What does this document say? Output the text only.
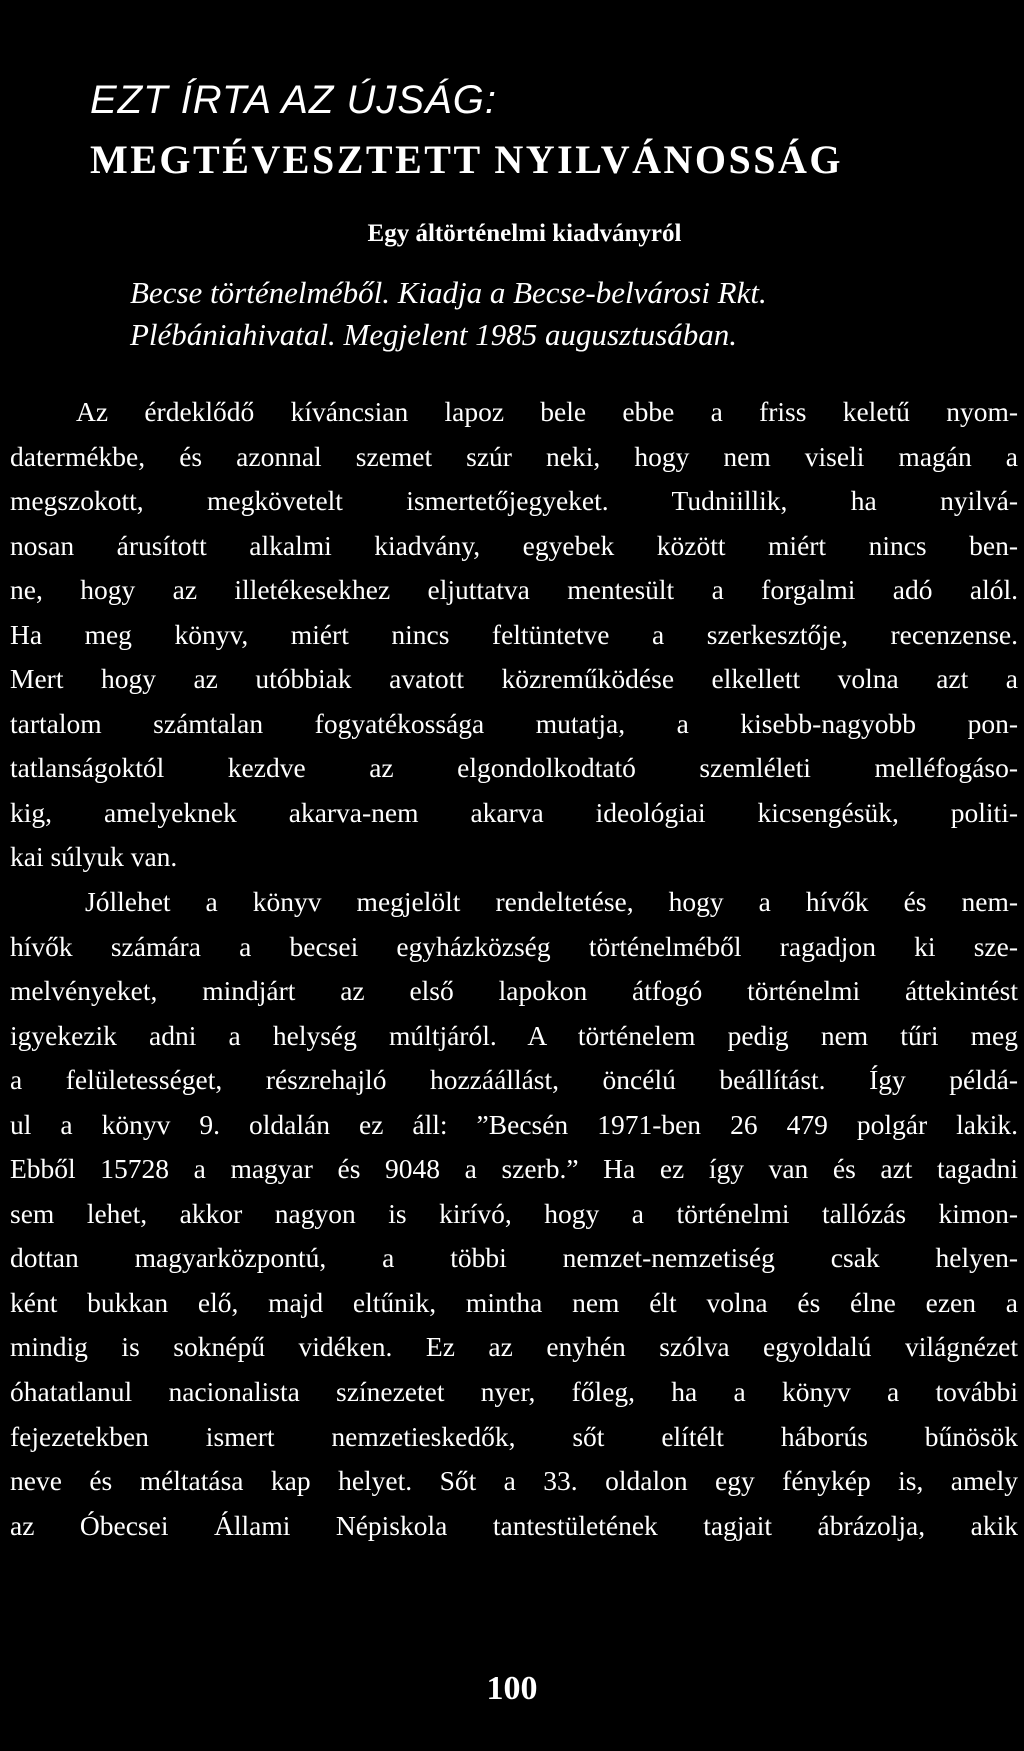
EZT ÍRTA AZ ÚJSÁG:
MEGTÉVESZTETT NYILVÁNOSSÁG
Egy áltörténelmi kiadványról
Becse történelméből. Kiadja a Becse-belvárosi Rkt.
Plébániahivatal. Megjelent 1985 augusztusában.
Az érdeklődő kíváncsian lapoz bele ebbe a friss keletű nyom-
datermékbe, és azonnal szemet szúr neki, hogy nem viseli magán a
megszokott, megkövetelt ismertetőjegyeket. Tudniillik, ha nyilvá-
nosan árusított alkalmi kiadvány, egyebek között miért nincs ben-
ne, hogy az illetékesekhez eljuttatva mentesült a forgalmi adó alól.
Ha meg könyv, miért nincs feltüntetve a szerkesztője, recenzense.
Mert hogy az utóbbiak avatott közreműködése elkellett volna azt a
tartalom számtalan fogyatékossága mutatja, a kisebb-nagyobb pon-
tatlanságoktól kezdve az elgondolkodtató szemléleti melléfogáso-
kig, amelyeknek akarva-nem akarva ideológiai kicsengésük, politi-
kai súlyuk van.
Jóllehet a könyv megjelölt rendeltetése, hogy a hívők és nem-
hívők számára a becsei egyházközség történelméből ragadjon ki sze-
melvényeket, mindjárt az első lapokon átfogó történelmi áttekintést
igyekezik adni a helység múltjáról. A történelem pedig nem tűri meg
a felületességet, részrehajló hozzáállást, öncélú beállítást. Így példá-
ul a könyv 9. oldalán ez áll: ”Becsén 1971-ben 26 479 polgár lakik.
Ebből 15728 a magyar és 9048 a szerb.” Ha ez így van és azt tagadni
sem lehet, akkor nagyon is kirívó, hogy a történelmi tallózás kimon-
dottan magyarközpontú, a többi nemzet-nemzetiség csak helyen-
ként bukkan elő, majd eltűnik, mintha nem élt volna és élne ezen a
mindig is soknépű vidéken. Ez az enyhén szólva egyoldalú világnézet
óhatatlanul nacionalista színezetet nyer, főleg, ha a könyv a további
fejezetekben ismert nemzetieskedők, sőt elítélt háborús bűnösök
neve és méltatása kap helyet. Sőt a 33. oldalon egy fénykép is, amely
az Óbecsei Állami Népiskola tantestületének tagjait ábrázolja, akik
100
